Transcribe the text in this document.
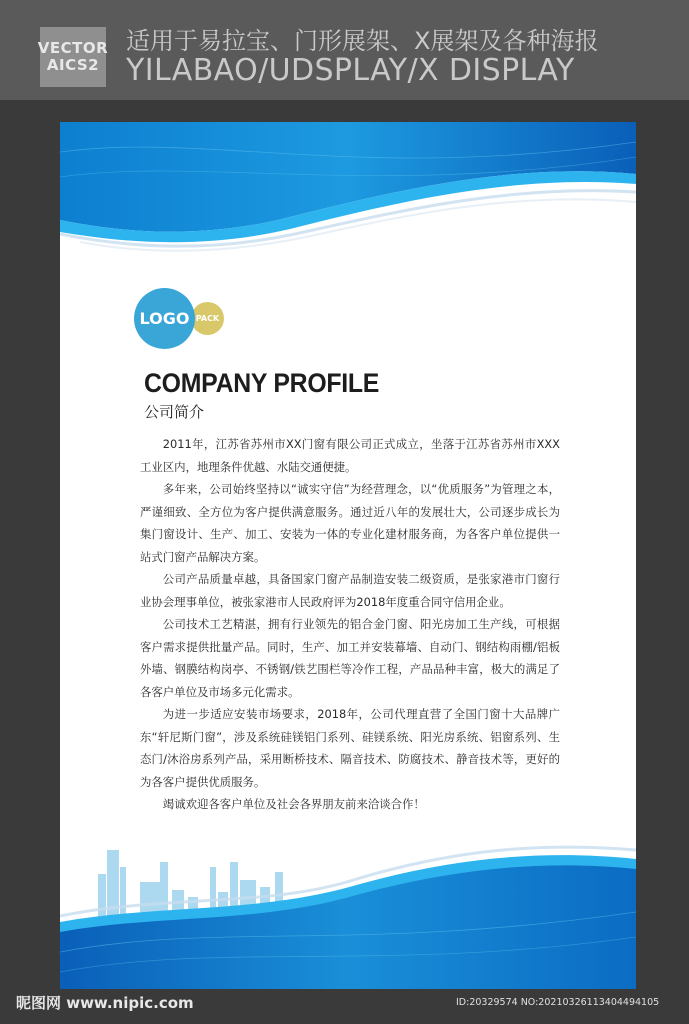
VECTOR
AICS2
适用于易拉宝、门形展架、X展架及各种海报
YILABAO/UDSPLAY/X DISPLAY
PACK
LOGO
COMPANY PROFILE
公司简介

2011年，江苏省苏州市XX门窗有限公司正式成立，坐落于江苏省苏州市XXX工业区内，地理条件优越、水陆交通便捷。

多年来，公司始终坚持以“诚实守信”为经营理念，以“优质服务”为管理之本，严谨细致、全方位为客户提供满意服务。通过近八年的发展壮大，公司逐步成长为集门窗设计、生产、加工、安装为一体的专业化建材服务商，为各客户单位提供一站式门窗产品解决方案。

公司产品质量卓越，具备国家门窗产品制造安装二级资质，是张家港市门窗行业协会理事单位，被张家港市人民政府评为2018年度重合同守信用企业。

公司技术工艺精湛，拥有行业领先的铝合金门窗、阳光房加工生产线，可根据客户需求提供批量产品。同时，生产、加工并安装幕墙、自动门、钢结构雨棚/铝板外墙、钢膜结构岗亭、不锈钢/铁艺围栏等冷作工程，产品品种丰富，极大的满足了各客户单位及市场多元化需求。

为进一步适应安装市场要求，2018年，公司代理直营了全国门窗十大品牌广东“轩尼斯门窗”，涉及系统硅镁铝门系列、硅镁系统、阳光房系统、铝窗系列、生态门/沐浴房系列产品，采用断桥技术、隔音技术、防腐技术、静音技术等，更好的为各客户提供优质服务。

竭诚欢迎各客户单位及社会各界朋友前来洽谈合作！

昵图网 www.nipic.com	ID:20329574 NO:20210326113404494105
